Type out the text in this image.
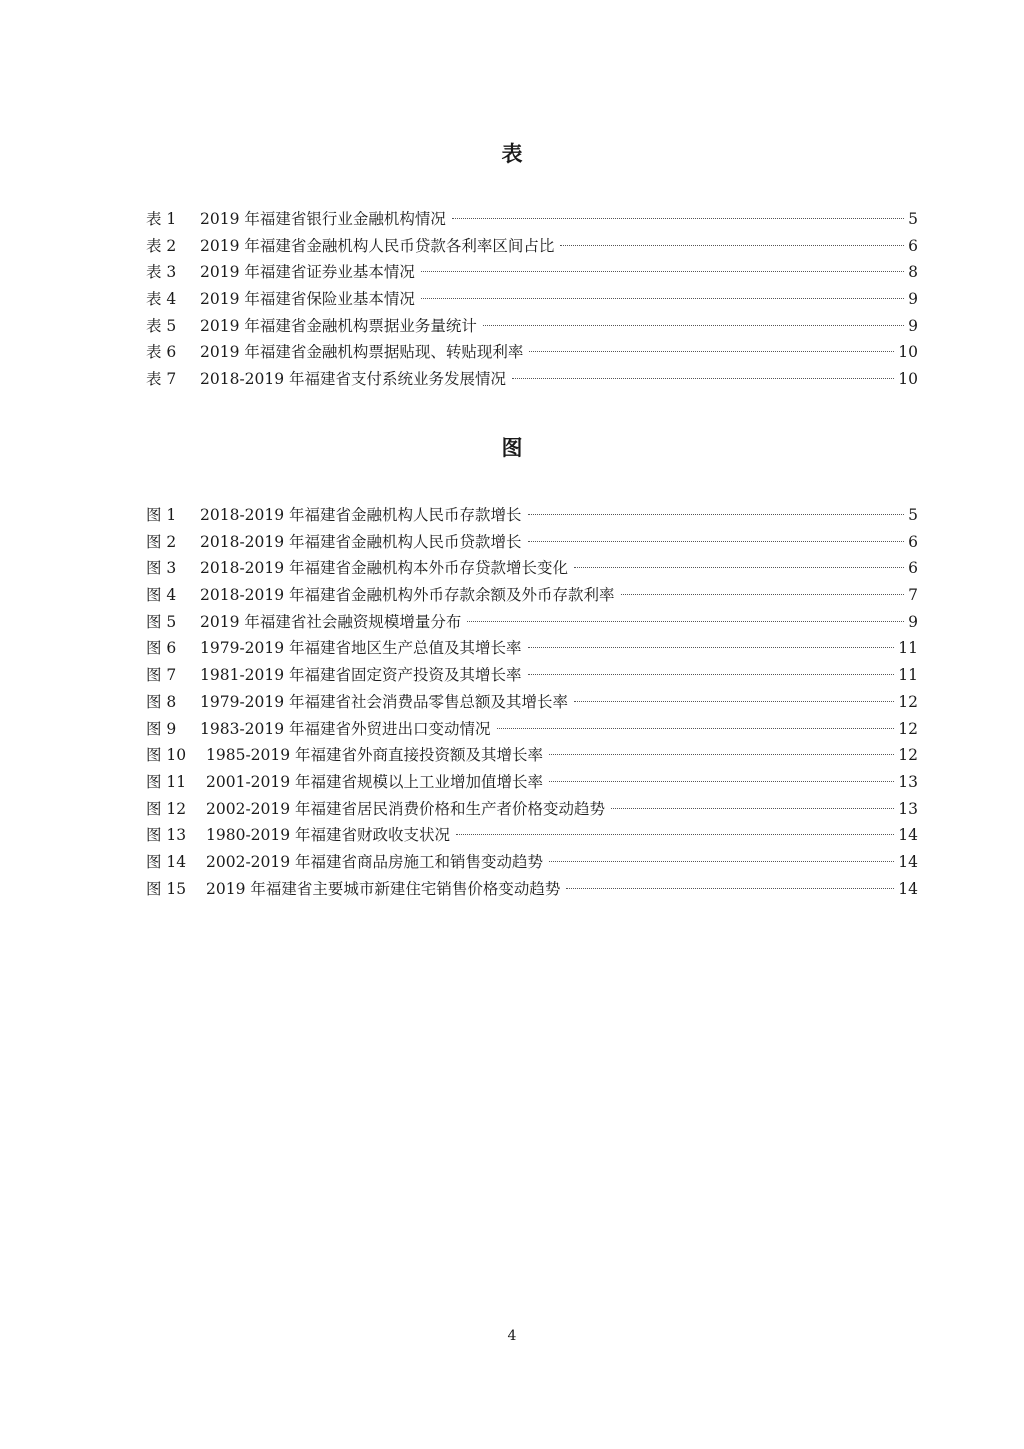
表
表 1	2019 年福建省银行业金融机构情况	5
表 2	2019 年福建省金融机构人民币贷款各利率区间占比	6
表 3	2019 年福建省证券业基本情况	8
表 4	2019 年福建省保险业基本情况	9
表 5	2019 年福建省金融机构票据业务量统计	9
表 6	2019 年福建省金融机构票据贴现、转贴现利率	10
表 7	2018-2019 年福建省支付系统业务发展情况	10
图
图 1	2018-2019 年福建省金融机构人民币存款增长	5
图 2	2018-2019 年福建省金融机构人民币贷款增长	6
图 3	2018-2019 年福建省金融机构本外币存贷款增长变化	6
图 4	2018-2019 年福建省金融机构外币存款余额及外币存款利率	7
图 5	2019 年福建省社会融资规模增量分布	9
图 6	1979-2019 年福建省地区生产总值及其增长率	11
图 7	1981-2019 年福建省固定资产投资及其增长率	11
图 8	1979-2019 年福建省社会消费品零售总额及其增长率	12
图 9	1983-2019 年福建省外贸进出口变动情况	12
图 10	1985-2019 年福建省外商直接投资额及其增长率	12
图 11	2001-2019 年福建省规模以上工业增加值增长率	13
图 12	2002-2019 年福建省居民消费价格和生产者价格变动趋势	13
图 13	1980-2019 年福建省财政收支状况	14
图 14	2002-2019 年福建省商品房施工和销售变动趋势	14
图 15	2019 年福建省主要城市新建住宅销售价格变动趋势	14
4
